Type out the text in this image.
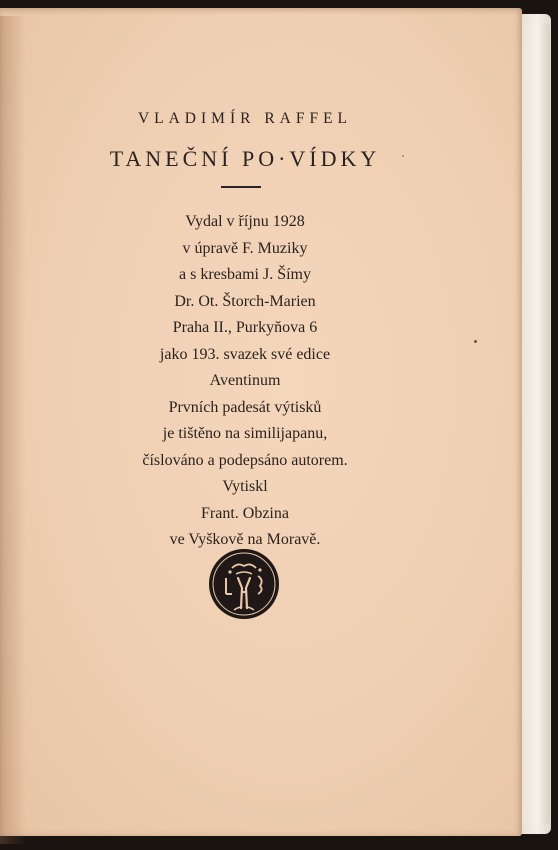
VLADIMÍR RAFFEL
TANEČNÍ PO·VÍDKY
Vydal v říjnu 1928
v úpravě F. Muziky
a s kresbami J. Šímy
Dr. Ot. Štorch-Marien
Praha II., Purkyňova 6
jako 193. svazek své edice
Aventinum
Prvních padesát výtisků
je tištěno na similijapanu,
číslováno a podepsáno autorem.
Vytiskl
Frant. Obzina
ve Vyškově na Moravě.
